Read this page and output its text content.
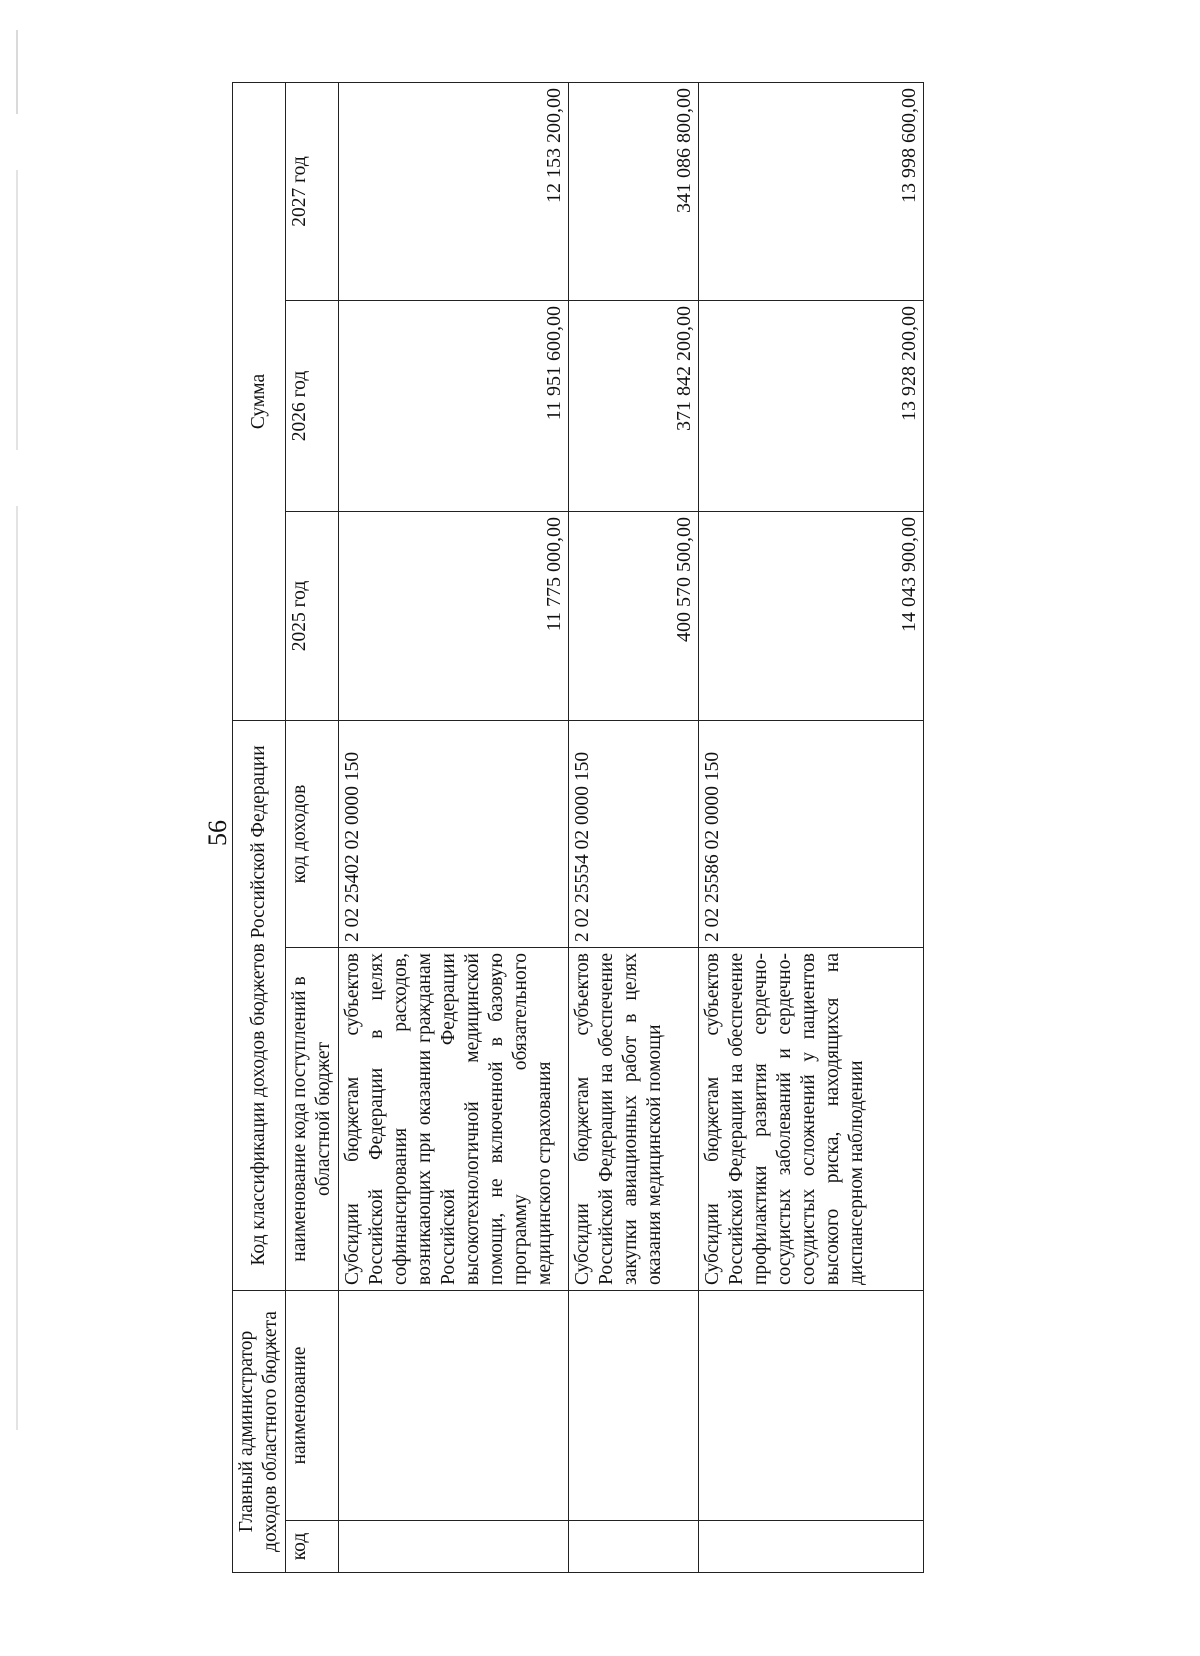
56
Главный администратор доходов областного бюджета		Код классификации доходов бюджетов Российской Федерации		Сумма		
код	наименование	наименование кода поступлений в областной бюджет	код доходов	2025 год	2026 год	2027 год
		Субсидии бюджетам субъектов Российской Федерации в целях софинансирования расходов, возникающих при оказании гражданам Российской Федерации высокотехнологичной медицинской помощи, не включенной в базовую программу обязательного медицинского страхования	2 02 25402 02 0000 150	11 775 000,00	11 951 600,00	12 153 200,00
		Субсидии бюджетам субъектов Российской Федерации на обеспечение закупки авиационных работ в целях оказания медицинской помощи	2 02 25554 02 0000 150	400 570 500,00	371 842 200,00	341 086 800,00
		Субсидии бюджетам субъектов Российской Федерации на обеспечение профилактики развития сердечно-сосудистых заболеваний и сердечно-сосудистых осложнений у пациентов высокого риска, находящихся на диспансерном наблюдении	2 02 25586 02 0000 150	14 043 900,00	13 928 200,00	13 998 600,00
